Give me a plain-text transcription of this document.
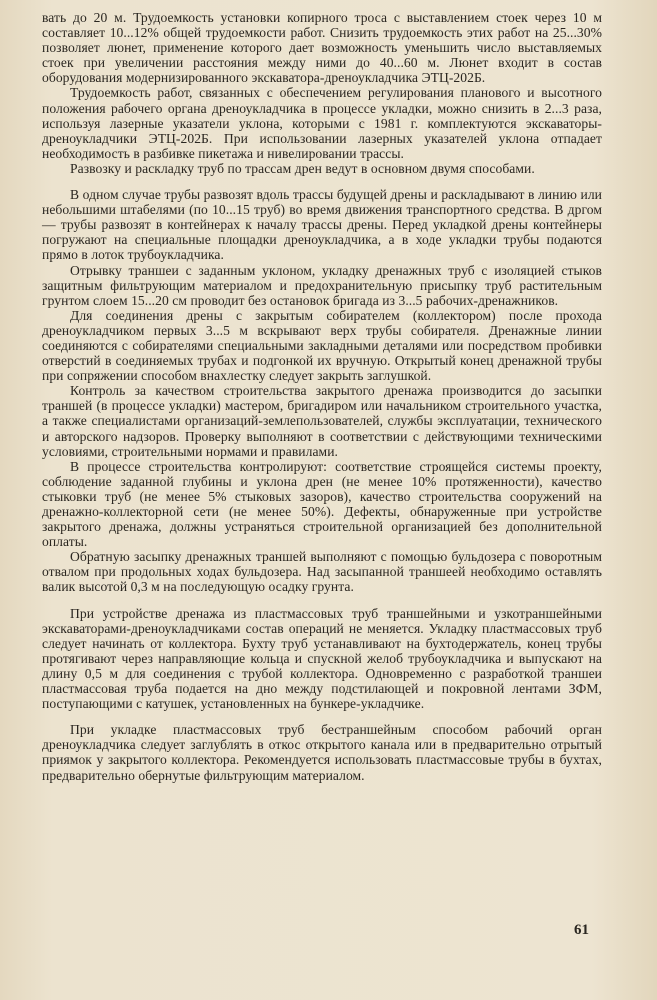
вать до 20 м. Трудоемкость установки копирного троса с выставлением стоек через 10 м составляет 10...12% общей трудоемкости работ. Снизить трудоемкость этих работ на 25...30% позволяет люнет, применение которого дает возможность уменьшить число выставляемых стоек при увеличении расстояния между ними до 40...60 м. Люнет входит в состав оборудования модернизированного экскаватора-дреноукладчика ЭТЦ-202Б.

Трудоемкость работ, связанных с обеспечением регулирования планового и высотного положения рабочего органа дреноукладчика в процессе укладки, можно снизить в 2...3 раза, используя лазерные указатели уклона, которыми с 1981 г. комплектуются экскаваторы-дреноукладчики ЭТЦ-202Б. При использовании лазерных указателей уклона отпадает необходимость в разбивке пикетажа и нивелировании трассы.

Развозку и раскладку труб по трассам дрен ведут в основном двумя способами.

В одном случае трубы развозят вдоль трассы будущей дрены и раскладывают в линию или небольшими штабелями (по 10...15 труб) во время движения транспортного средства. В дргом — трубы развозят в контейнерах к началу трассы дрены. Перед укладкой дрены контейнеры погружают на специальные площадки дреноукладчика, а в ходе укладки трубы подаются прямо в лоток трубоукладчика.

Отрывку траншеи с заданным уклоном, укладку дренажных труб с изоляцией стыков защитным фильтрующим материалом и предохранительную присыпку труб растительным грунтом слоем 15...20 см проводит без остановок бригада из 3...5 рабочих-дренажников.

Для соединения дрены с закрытым собирателем (коллектором) после прохода дреноукладчиком первых 3...5 м вскрывают верх трубы собирателя. Дренажные линии соединяются с собирателями специальными закладными деталями или посредством пробивки отверстий в соединяемых трубах и подгонкой их вручную. Открытый конец дренажной трубы при сопряжении способом внахлестку следует закрыть заглушкой.

Контроль за качеством строительства закрытого дренажа производится до засыпки траншей (в процессе укладки) мастером, бригадиром или начальником строительного участка, а также специалистами организаций-землепользователей, службы эксплуатации, технического и авторского надзоров. Проверку выполняют в соответствии с действующими техническими условиями, строительными нормами и правилами.

В процессе строительства контролируют: соответствие строящейся системы проекту, соблюдение заданной глубины и уклона дрен (не менее 10% протяженности), качество стыковки труб (не менее 5% стыковых зазоров), качество строительства сооружений на дренажно-коллекторной сети (не менее 50%). Дефекты, обнаруженные при устройстве закрытого дренажа, должны устраняться строительной организацией без дополнительной оплаты.

Обратную засыпку дренажных траншей выполняют с помощью бульдозера с поворотным отвалом при продольных ходах бульдозера. Над засыпанной траншеей необходимо оставлять валик высотой 0,3 м на последующую осадку грунта.

При устройстве дренажа из пластмассовых труб траншейными и узкотраншейными экскаваторами-дреноукладчиками состав операций не меняется. Укладку пластмассовых труб следует начинать от коллектора. Бухту труб устанавливают на бухтодержатель, конец трубы протягивают через направляющие кольца и спускной желоб трубоукладчика и выпускают на длину 0,5 м для соединения с трубой коллектора. Одновременно с разработкой траншеи пластмассовая труба подается на дно между подстилающей и покровной лентами ЗФМ, поступающими с катушек, установленных на бункере-укладчике.

При укладке пластмассовых труб бестраншейным способом рабочий орган дреноукладчика следует заглублять в откос открытого канала или в предварительно отрытый приямок у закрытого коллектора. Рекомендуется использовать пластмассовые трубы в бухтах, предварительно обернутые фильтрующим материалом.

61
